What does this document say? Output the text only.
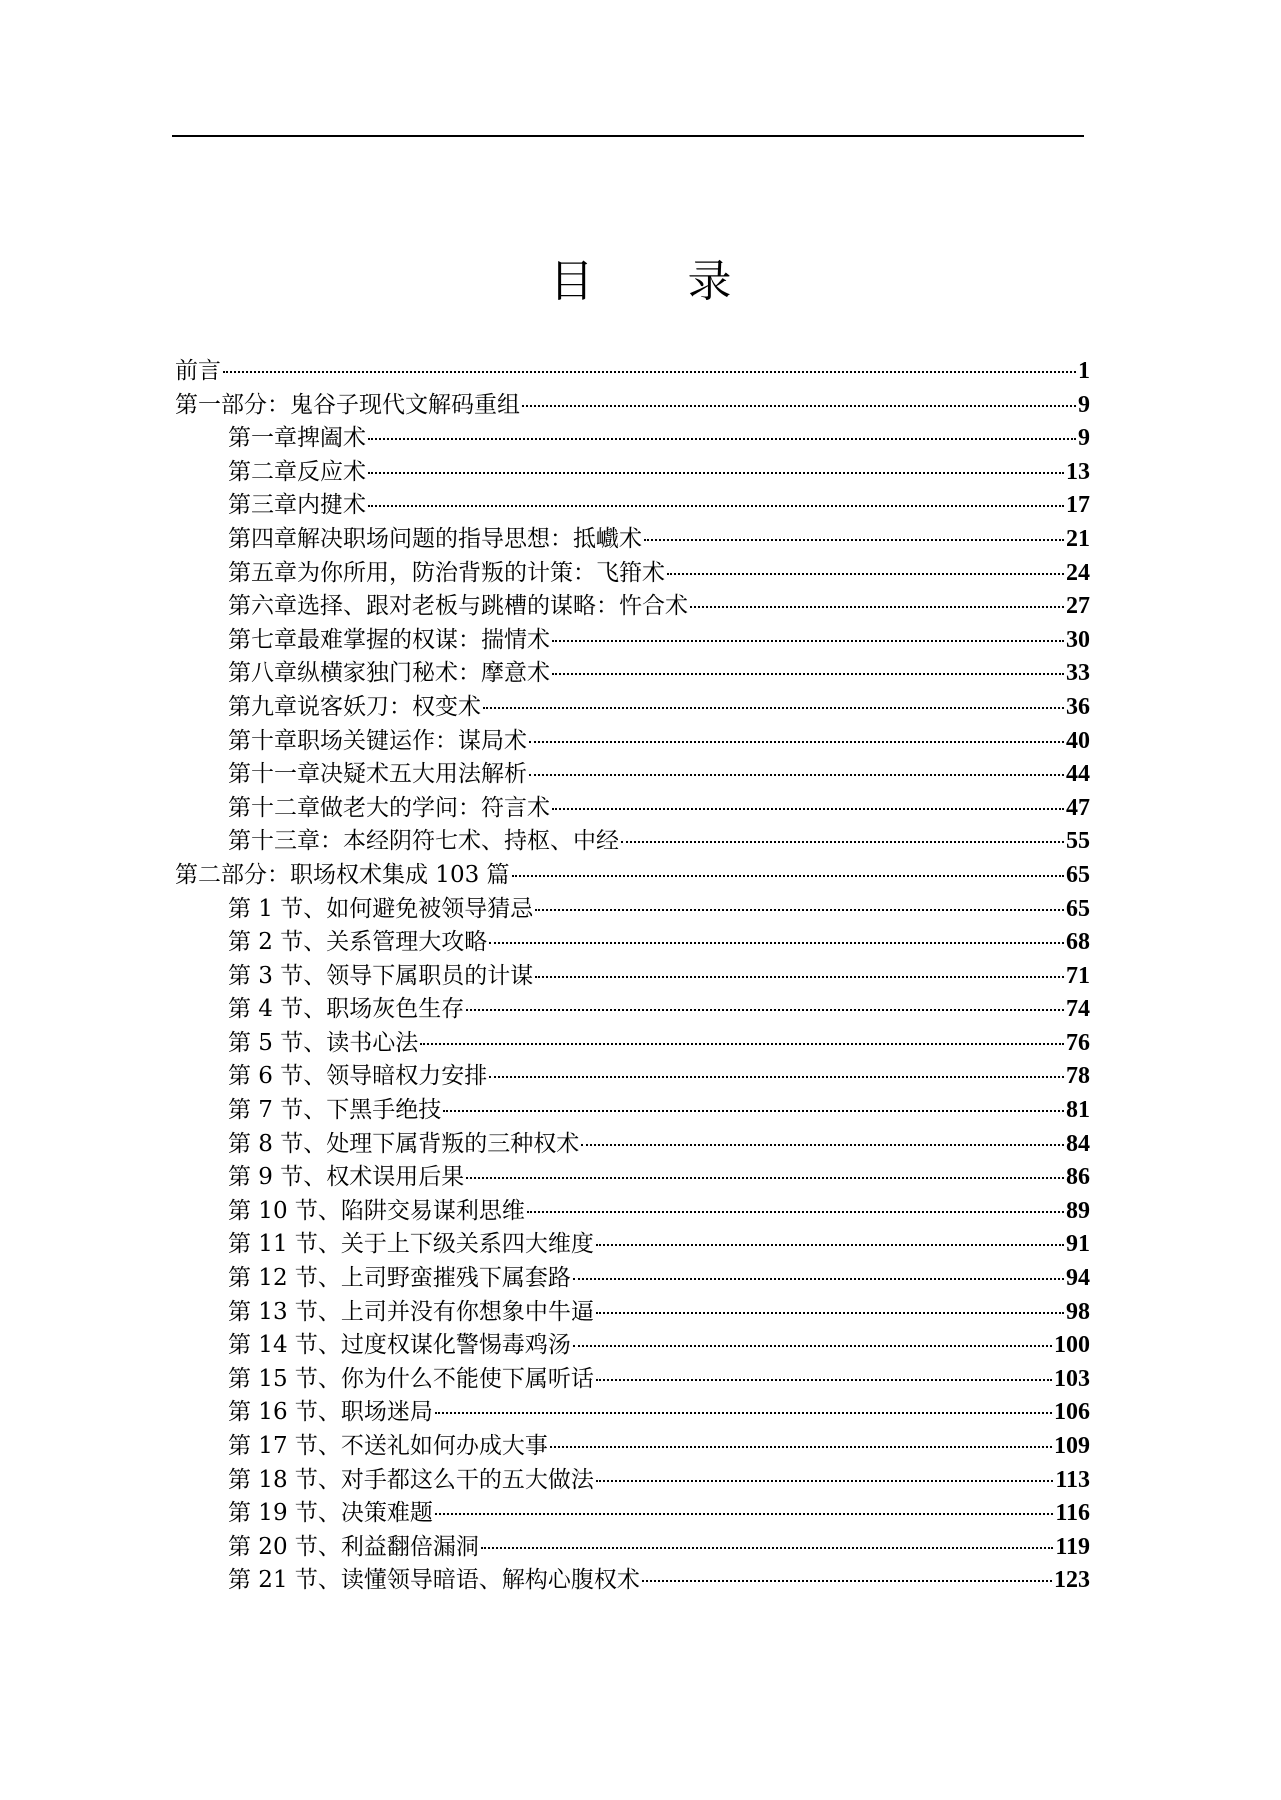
目 录
前言	1
第一部分：鬼谷子现代文解码重组	9
第一章捭阖术	9
第二章反应术	13
第三章内揵术	17
第四章解决职场问题的指导思想：抵巇术	21
第五章为你所用，防治背叛的计策：飞箝术	24
第六章选择、跟对老板与跳槽的谋略：忤合术	27
第七章最难掌握的权谋：揣情术	30
第八章纵横家独门秘术：摩意术	33
第九章说客妖刀：权变术	36
第十章职场关键运作：谋局术	40
第十一章决疑术五大用法解析	44
第十二章做老大的学问：符言术	47
第十三章：本经阴符七术、持枢、中经	55
第二部分：职场权术集成 103 篇	65
第 1 节、如何避免被领导猜忌	65
第 2 节、关系管理大攻略	68
第 3 节、领导下属职员的计谋	71
第 4 节、职场灰色生存	74
第 5 节、读书心法	76
第 6 节、领导暗权力安排	78
第 7 节、下黑手绝技	81
第 8 节、处理下属背叛的三种权术	84
第 9 节、权术误用后果	86
第 10 节、陷阱交易谋利思维	89
第 11 节、关于上下级关系四大维度	91
第 12 节、上司野蛮摧残下属套路	94
第 13 节、上司并没有你想象中牛逼	98
第 14 节、过度权谋化警惕毒鸡汤	100
第 15 节、你为什么不能使下属听话	103
第 16 节、职场迷局	106
第 17 节、不送礼如何办成大事	109
第 18 节、对手都这么干的五大做法	113
第 19 节、决策难题	116
第 20 节、利益翻倍漏洞	119
第 21 节、读懂领导暗语、解构心腹权术	123
